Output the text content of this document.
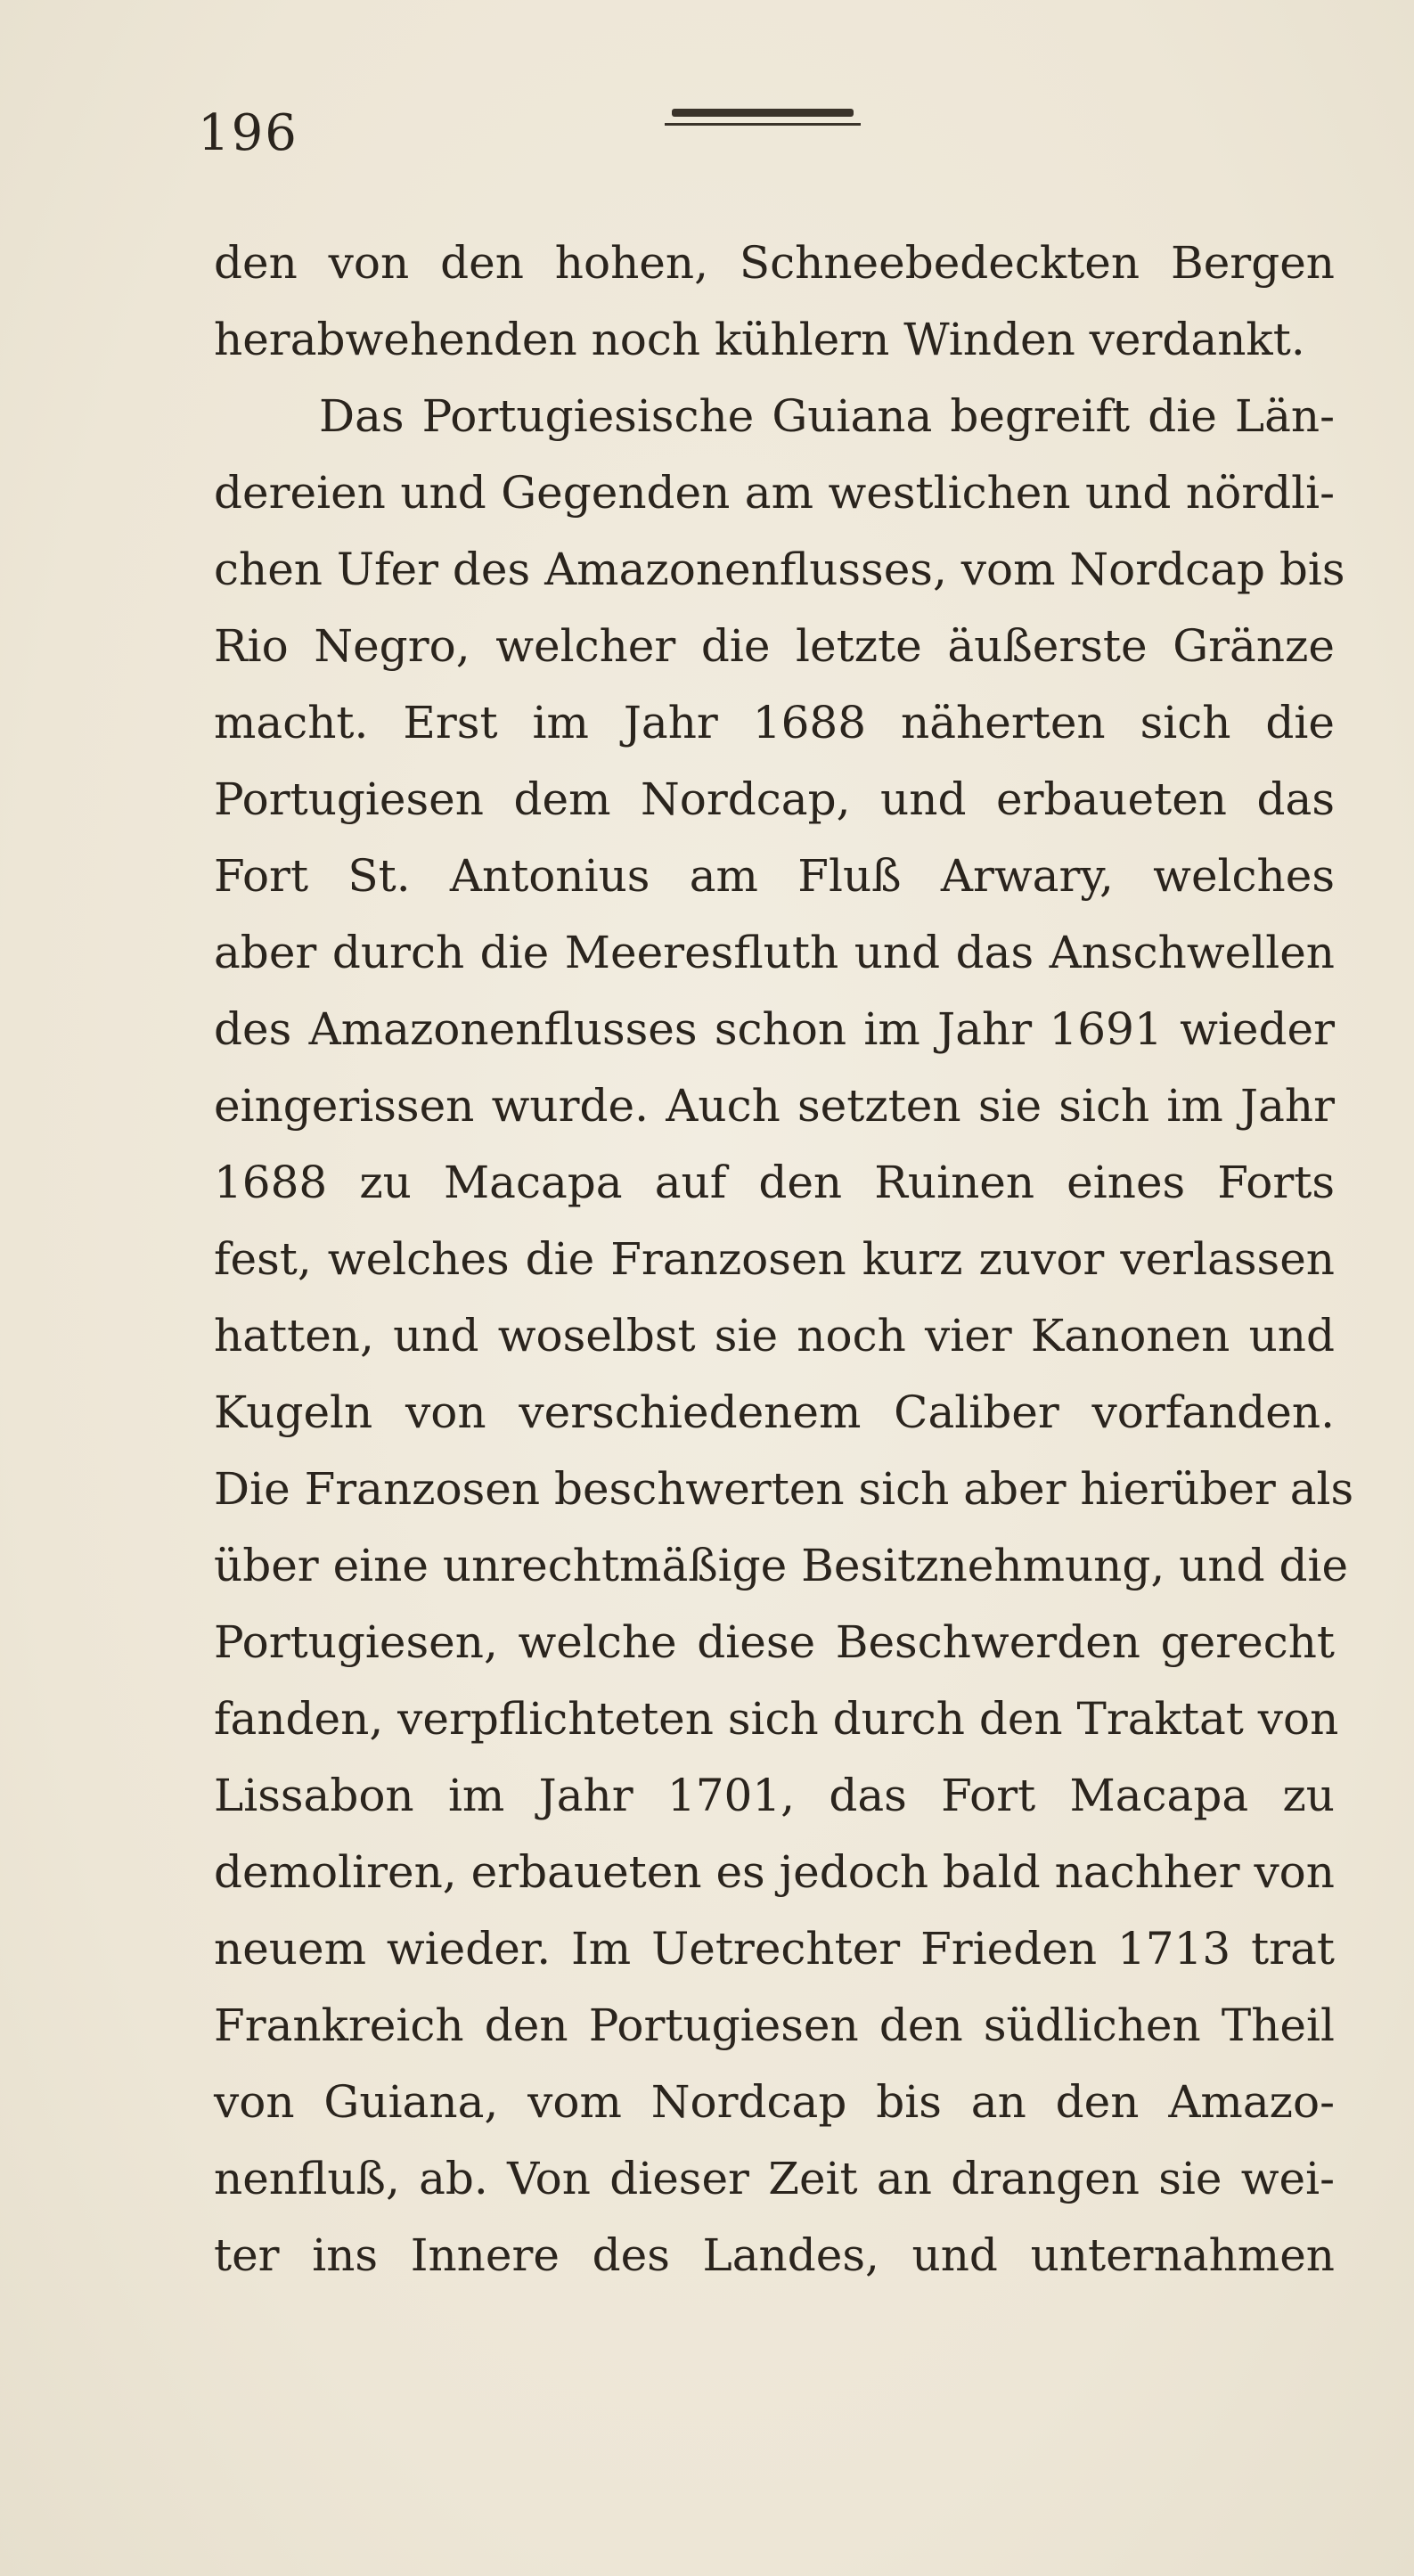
196
den von den hohen, Schneebedeckten Bergen
herabwehenden noch kühlern Winden verdankt.
Das Portugiesische Guiana begreift die Län-
dereien und Gegenden am westlichen und nördli-
chen Ufer des Amazonenflusses, vom Nordcap bis
Rio Negro, welcher die letzte äußerste Gränze
macht. Erst im Jahr 1688 näherten sich die
Portugiesen dem Nordcap, und erbaueten das
Fort St. Antonius am Fluß Arwary, welches
aber durch die Meeresfluth und das Anschwellen
des Amazonenflusses schon im Jahr 1691 wieder
eingerissen wurde. Auch setzten sie sich im Jahr
1688 zu Macapa auf den Ruinen eines Forts
fest, welches die Franzosen kurz zuvor verlassen
hatten, und woselbst sie noch vier Kanonen und
Kugeln von verschiedenem Caliber vorfanden.
Die Franzosen beschwerten sich aber hierüber als
über eine unrechtmäßige Besitznehmung, und die
Portugiesen, welche diese Beschwerden gerecht
fanden, verpflichteten sich durch den Traktat von
Lissabon im Jahr 1701, das Fort Macapa zu
demoliren, erbaueten es jedoch bald nachher von
neuem wieder. Im Uetrechter Frieden 1713 trat
Frankreich den Portugiesen den südlichen Theil
von Guiana, vom Nordcap bis an den Amazo-
nenfluß, ab. Von dieser Zeit an drangen sie wei-
ter ins Innere des Landes, und unternahmen
